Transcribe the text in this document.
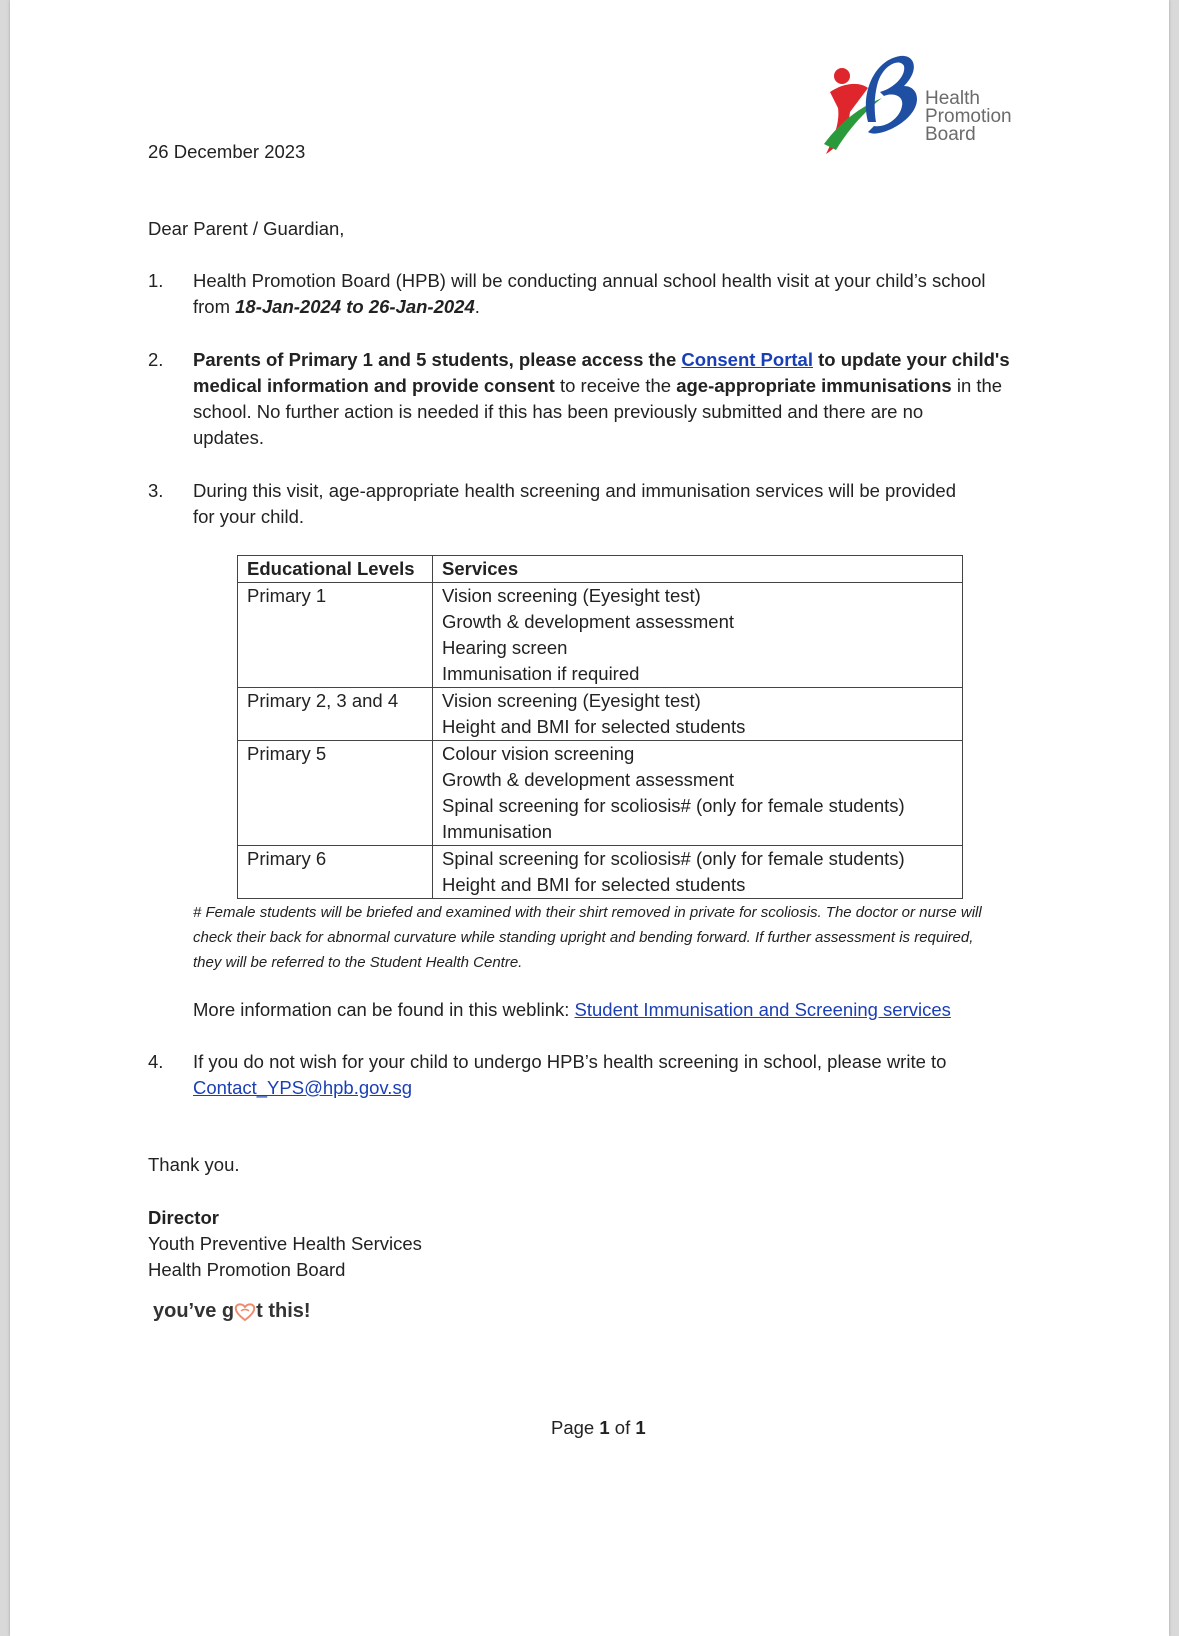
Health
Promotion
Board
26 December 2023
Dear Parent / Guardian,
1. Health Promotion Board (HPB) will be conducting annual school health visit at your child’s school
from 18-Jan-2024 to 26-Jan-2024.
2. Parents of Primary 1 and 5 students, please access the Consent Portal to update your child's
medical information and provide consent to receive the age-appropriate immunisations in the
school. No further action is needed if this has been previously submitted and there are no
updates.
3. During this visit, age-appropriate health screening and immunisation services will be provided
for your child.
Educational Levels	Services
Primary 1	Vision screening (Eyesight test)
Growth & development assessment
Hearing screen
Immunisation if required

Primary 2, 3 and 4	Vision screening (Eyesight test)
Height and BMI for selected students

Primary 5	Colour vision screening
Growth & development assessment
Spinal screening for scoliosis# (only for female students)
Immunisation

Primary 6	Spinal screening for scoliosis# (only for female students)
Height and BMI for selected students
# Female students will be briefed and examined with their shirt removed in private for scoliosis. The doctor or nurse will
check their back for abnormal curvature while standing upright and bending forward. If further assessment is required,
they will be referred to the Student Health Centre.
More information can be found in this weblink: Student Immunisation and Screening services
4. If you do not wish for your child to undergo HPB’s health screening in school, please write to
Contact_YPS@hpb.gov.sg
Thank you.
Director
Youth Preventive Health Services
Health Promotion Board
you’ve g t this!
Page 1 of 1
